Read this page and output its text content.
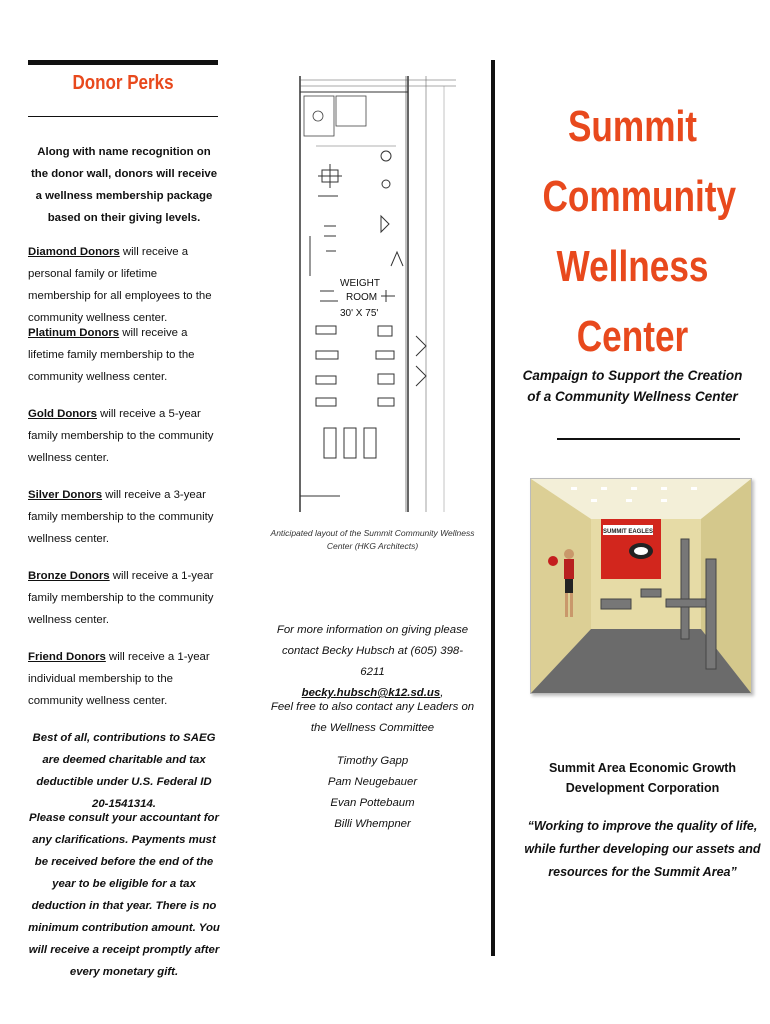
Donor Perks
Along with name recognition on the donor wall, donors will receive a wellness membership package based on their giving levels.
Diamond Donors will receive a personal family or lifetime membership for all employees to the community wellness center.
Platinum Donors will receive a lifetime family membership to the community wellness center.
Gold Donors will receive a 5-year family membership to the community wellness center.
Silver Donors will receive a 3-year family membership to the community wellness center.
Bronze Donors will receive a 1-year family membership to the community wellness center.
Friend Donors will receive a 1-year individual membership to the community wellness center.
Best of all, contributions to SAEG are deemed charitable and tax deductible under U.S. Federal ID 20-1541314.
Please consult your accountant for any clarifications. Payments must be received before the end of the year to be eligible for a tax deduction in that year. There is no minimum contribution amount. You will receive a receipt promptly after every monetary gift.
WEIGHT
ROOM
30' X 75'
Anticipated layout of the Summit Community Wellness Center (HKG Architects)
For more information on giving please contact Becky Hubsch at (605) 398-6211
becky.hubsch@k12.sd.us,
Feel free to also contact any Leaders on the Wellness Committee
Timothy Gapp
Pam Neugebauer
Evan Pottebaum
Billi Whempner
Summit
Community
Wellness
Center
Campaign to Support the Creation of a Community Wellness Center
SUMMIT EAGLES
Summit Area Economic Growth Development Corporation
“Working to improve the quality of life, while further developing our assets and resources for the Summit Area”
